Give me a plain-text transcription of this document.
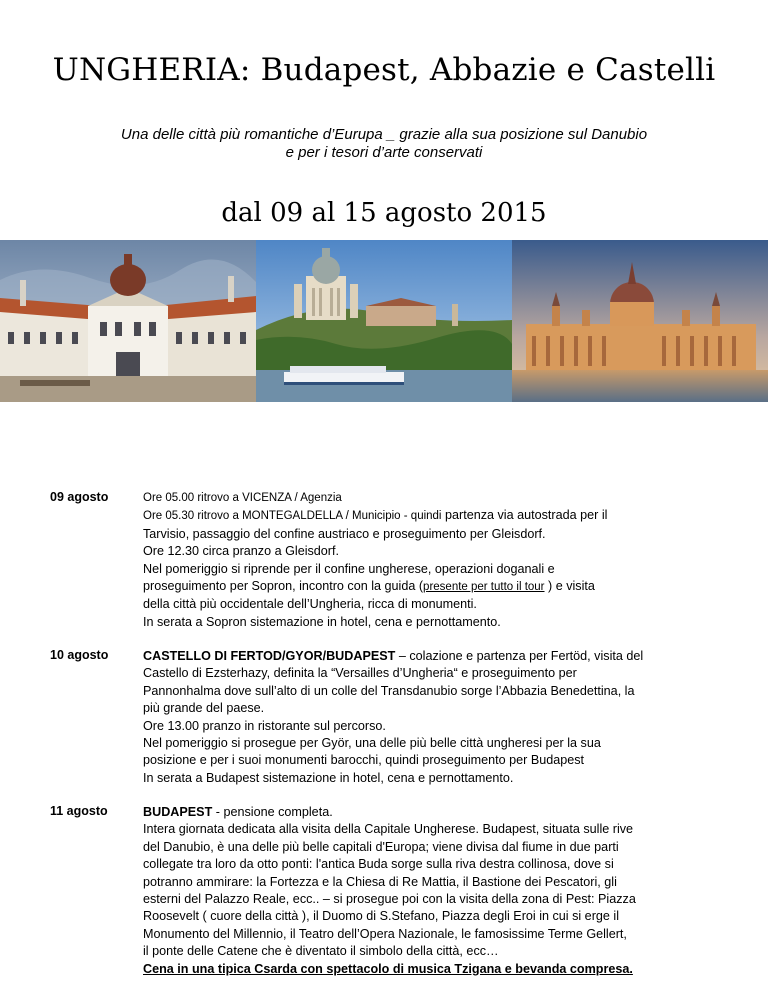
UNGHERIA: Budapest, Abbazie e Castelli
Una delle città più romantiche d’Eurupa _ grazie alla sua posizione sul Danubio
e per i tesori d’arte conservati
dal 09 al 15 agosto 2015
09 agosto	Ore 05.00 ritrovo a VICENZA / Agenzia
Ore 05.30 ritrovo a MONTEGALDELLA / Municipio - quindi partenza via autostrada per il
Tarvisio, passaggio del confine austriaco e proseguimento per Gleisdorf.
Ore 12.30 circa pranzo a Gleisdorf.
Nel pomeriggio si riprende per il confine ungherese, operazioni doganali e
proseguimento per Sopron, incontro con la guida (presente per tutto il tour ) e visita
della città più occidentale dell’Ungheria, ricca di monumenti.
In serata a Sopron sistemazione in hotel, cena e pernottamento.
10 agosto	CASTELLO DI FERTOD/GYOR/BUDAPEST – colazione e partenza per Fertöd, visita del
Castello di Ezsterhazy, definita la “Versailles d’Ungheria“ e proseguimento per
Pannonhalma dove sull’alto di un colle del Transdanubio sorge l’Abbazia Benedettina, la
più grande del paese.
Ore 13.00 pranzo in ristorante sul percorso.
Nel pomeriggio si prosegue per Györ, una delle più belle città ungheresi per la sua
posizione e per i suoi monumenti barocchi, quindi proseguimento per Budapest
In serata a Budapest sistemazione in hotel, cena e pernottamento.
11 agosto	BUDAPEST - pensione completa.
Intera giornata dedicata alla visita della Capitale Ungherese. Budapest, situata sulle rive
del Danubio, è una delle più belle capitali d'Europa; viene divisa dal fiume in due parti
collegate tra loro da otto ponti: l'antica Buda sorge sulla riva destra collinosa, dove si
potranno ammirare: la Fortezza e la Chiesa di Re Mattia, il Bastione dei Pescatori, gli
esterni del Palazzo Reale, ecc.. – si prosegue poi con la visita della zona di Pest: Piazza
Roosevelt ( cuore della città ), il Duomo di S.Stefano, Piazza degli Eroi in cui si erge il
Monumento del Millennio, il Teatro dell’Opera Nazionale, le famosissime Terme Gellert,
il ponte delle Catene che è diventato il simbolo della città, ecc…
Cena in una tipica Csarda con spettacolo di musica Tzigana e bevanda compresa.
